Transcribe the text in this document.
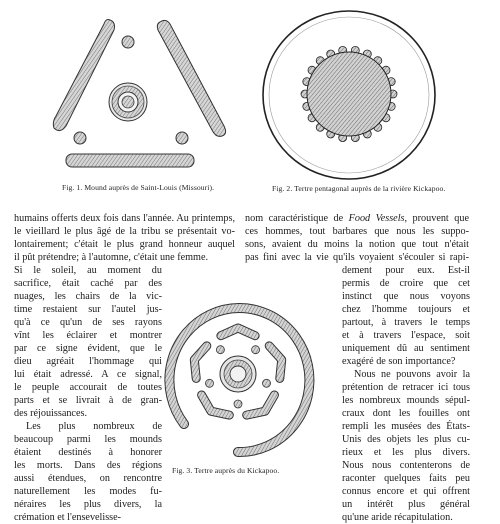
Fig. 1. Mound auprès de Saint-Louis (Missouri).	Fig. 2. Tertre pentagonal auprès de la rivière Kickapoo.
Fig. 3. Tertre auprès du Kickapoo.
humains offerts deux fois dans l'année. Au printemps,
le vieillard le plus âgé de la tribu se présentait vo-
lontairement; c'était le plus grand honneur auquel
il pût prétendre; à l'automne, c'était une femme.
Si le soleil, au moment du
sacrifice, était caché par des
nuages, les chairs de la vic-
time restaient sur l'autel jus-
qu'à ce qu'un de ses rayons
vînt les éclairer et montrer
par ce signe évident, que le
dieu agréait l'hommage qui
lui était adressé. A ce signal,
le peuple accourait de toutes
parts et se livrait à de gran-
des réjouissances.
Les plus nombreux de
beaucoup parmi les mounds
étaient destinés à honorer
les morts. Dans des régions
aussi étendues, on rencontre
naturellement les modes fu-
néraires les plus divers, la
crémation et l'ensevelisse-
nom caractéristique de Food Vessels, prouvent que
ces hommes, tout barbares que nous les suppo-
sons, avaient du moins la notion que tout n'était
pas fini avec la vie qu'ils voyaient s'écouler si rapi-
dement pour eux. Est-il
permis de croire que cet
instinct que nous voyons
chez l'homme toujours et
partout, à travers le temps
et à travers l'espace, soit
uniquement dû au sentiment
exagéré de son importance?
Nous ne pouvons avoir la
prétention de retracer ici tous
les nombreux mounds sépul-
craux dont les fouilles ont
rempli les musées des États-
Unis des objets les plus cu-
rieux et les plus divers.
Nous nous contenterons de
raconter quelques faits peu
connus encore et qui offrent
un intérêt plus général
qu'une aride récapitulation.
